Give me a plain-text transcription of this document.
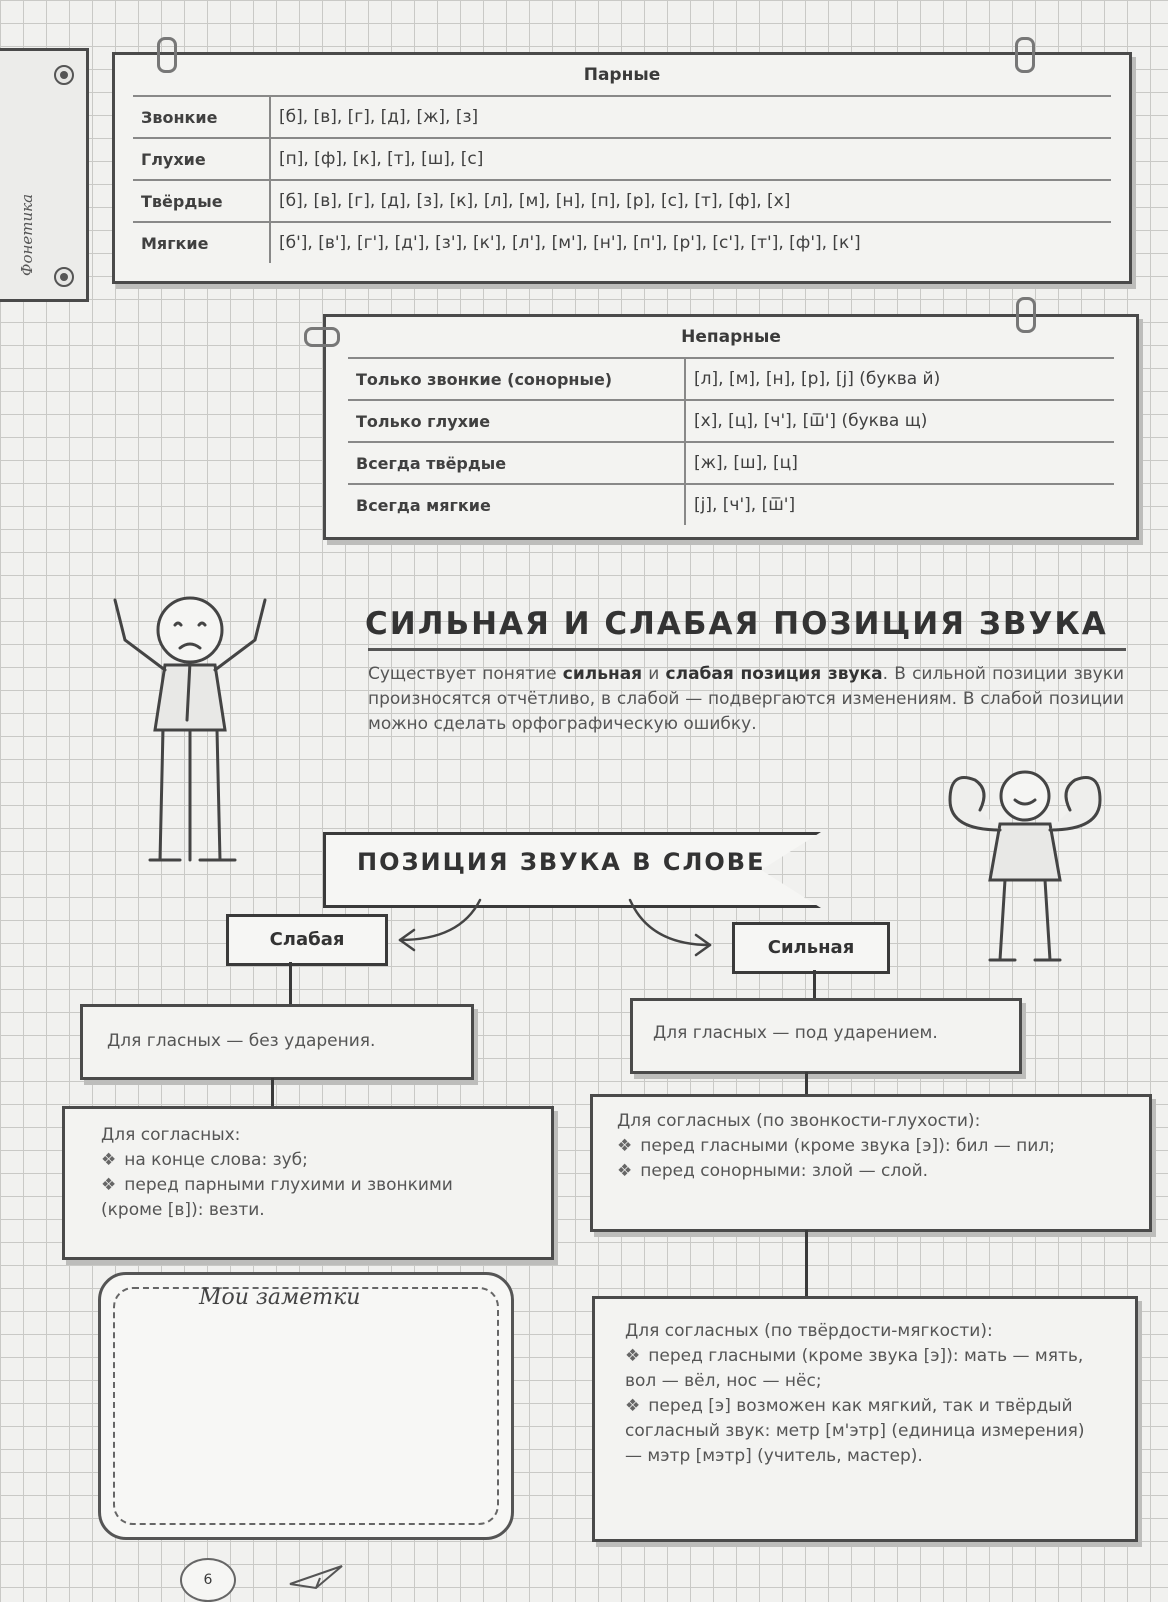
Фонетика
Парные
Звонкие	[б], [в], [г], [д], [ж], [з]
Глухие	[п], [ф], [к], [т], [ш], [с]
Твёрдые	[б], [в], [г], [д], [з], [к], [л], [м], [н], [п], [р], [с], [т], [ф], [х]
Мягкие	[б'], [в'], [г'], [д'], [з'], [к'], [л'], [м'], [н'], [п'], [р'], [с'], [т'], [ф'], [к']
Непарные
Только звонкие (сонорные)	[л], [м], [н], [р], [j] (буква й)
Только глухие	[х], [ц], [ч'], [ш̅'] (буква щ)
Всегда твёрдые	[ж], [ш], [ц]
Всегда мягкие	[j], [ч'], [ш̅']
СИЛЬНАЯ И СЛАБАЯ ПОЗИЦИЯ ЗВУКА
Существует понятие сильная и слабая позиция звука. В сильной позиции звуки произносятся отчётливо, в слабой — подвергаются изменениям. В слабой позиции можно сделать орфографическую ошибку.
ПОЗИЦИЯ ЗВУКА В СЛОВЕ
Слабая
Для гласных — без ударения.
Для согласных:
❖ на конце слова: зуб;
❖ перед парными глухими и звонкими (кроме [в]): везти.
Сильная
Для гласных — под ударением.
Для согласных (по звонкости-глухости):
❖ перед гласными (кроме звука [э]): бил — пил;
❖ перед сонорными: злой — слой.
Для согласных (по твёрдости-мягкости):
❖ перед гласными (кроме звука [э]): мать — мять, вол — вёл, нос — нёс;
❖ перед [э] возможен как мягкий, так и твёрдый согласный звук: метр [м'этр] (единица измерения) — мэтр [мэтр] (учитель, мастер).
Мои заметки
6
